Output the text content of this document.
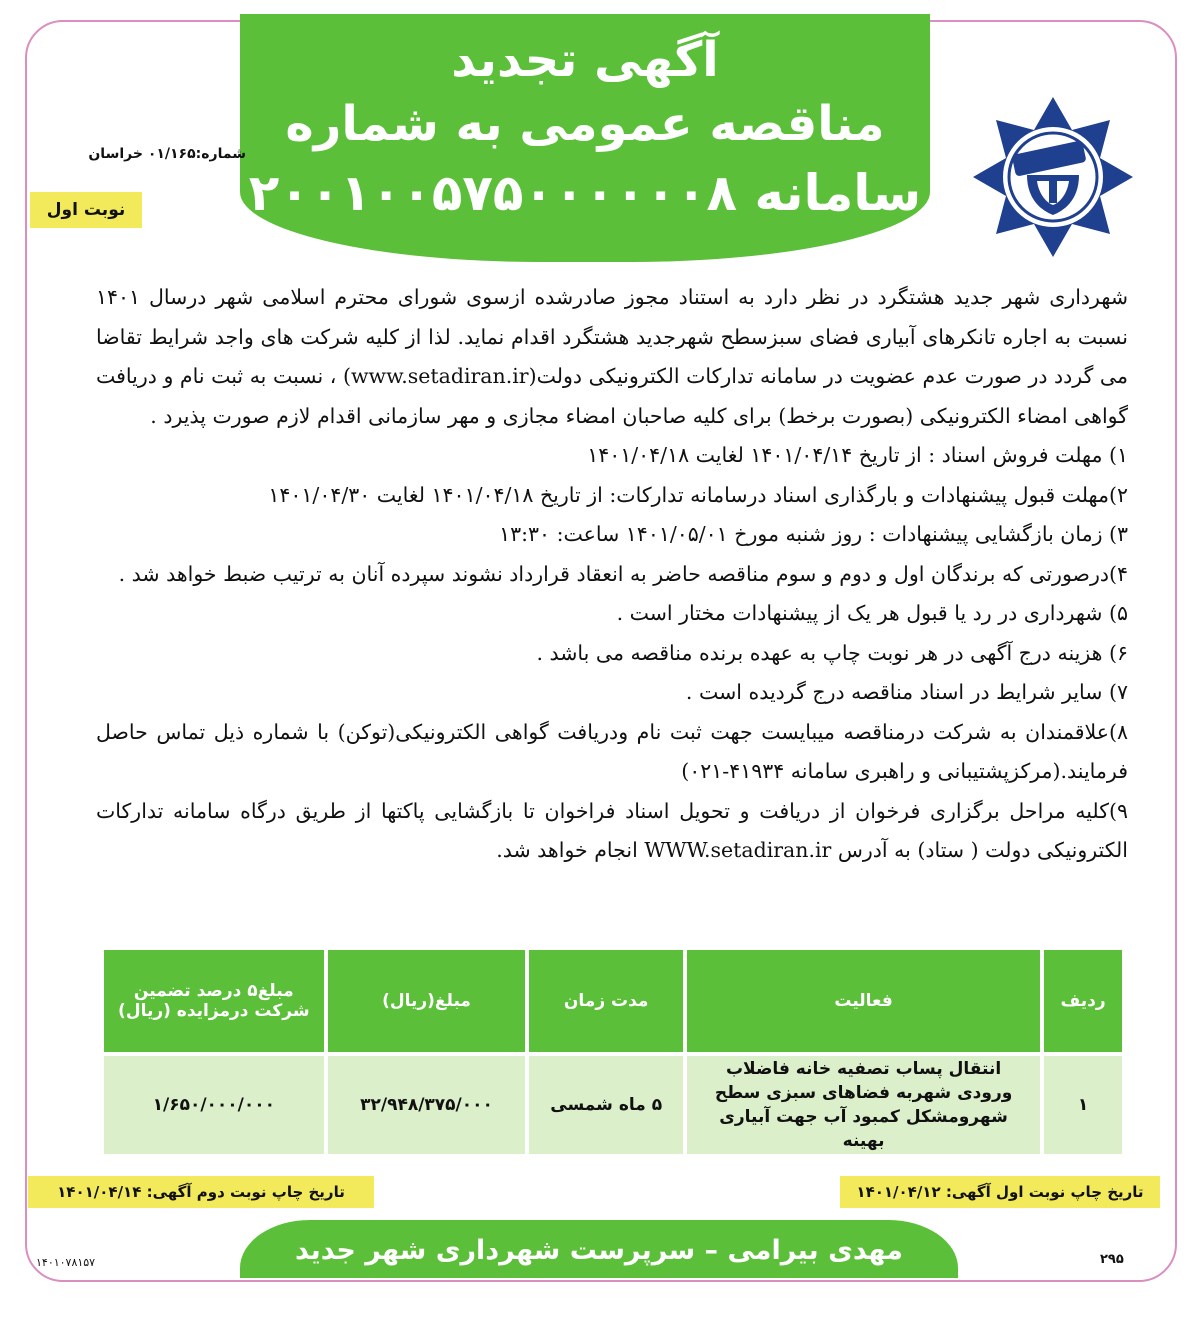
آگهی تجدید
مناقصه عمومی به شماره
سامانه ۲۰۰۱۰۰۵۷۵۰۰۰۰۰۰۸
شماره:۰۱/۱۶۵ خراسان
نوبت اول

شهرداری شهر جدید هشتگرد در نظر دارد به استناد مجوز صادرشده ازسوی شورای محترم اسلامی شهر درسال ۱۴۰۱ نسبت به اجاره تانکرهای آبیاری فضای سبزسطح شهرجدید هشتگرد اقدام نماید. لذا از کلیه شرکت های واجد شرایط تقاضا می گردد در صورت عدم عضویت در سامانه تدارکات الکترونیکی دولت(www.setadiran.ir) ، نسبت به ثبت نام و دریافت گواهی امضاء الکترونیکی (بصورت برخط) برای کلیه صاحبان امضاء مجازی و مهر سازمانی اقدام لازم صورت پذیرد .

۱) مهلت فروش اسناد : از تاریخ ۱۴۰۱/۰۴/۱۴ لغایت ۱۴۰۱/۰۴/۱۸

۲)مهلت قبول پیشنهادات و بارگذاری اسناد درسامانه تدارکات: از تاریخ ۱۴۰۱/۰۴/۱۸ لغایت ۱۴۰۱/۰۴/۳۰

۳) زمان بازگشایی پیشنهادات : روز شنبه مورخ ۱۴۰۱/۰۵/۰۱ ساعت: ۱۳:۳۰

۴)درصورتی که برندگان اول و دوم و سوم مناقصه حاضر به انعقاد قرارداد نشوند سپرده آنان به ترتیب ضبط خواهد شد .

۵) شهرداری در رد یا قبول هر یک از پیشنهادات مختار است .

۶) هزینه درج آگهی در هر نوبت چاپ به عهده برنده مناقصه می باشد .

۷) سایر شرایط در اسناد مناقصه درج گردیده است .

۸)علاقمندان به شرکت درمناقصه میبایست جهت ثبت نام ودریافت گواهی الکترونیکی(توکن) با شماره ذیل تماس حاصل فرمایند.(مرکزپشتیبانی و راهبری سامانه ۴۱۹۳۴-۰۲۱)

۹)کلیه مراحل برگزاری فرخوان از دریافت و تحویل اسناد فراخوان تا بازگشایی پاکتها از طریق درگاه سامانه تدارکات الکترونیکی دولت ( ستاد) به آدرس WWW.setadiran.ir انجام خواهد شد.

ردیف	فعالیت	مدت زمان	مبلغ(ریال)	مبلغ۵ درصد تضمین شرکت درمزایده (ریال)
۱	انتقال پساب تصفیه خانه فاضلاب ورودی شهربه فضاهای سبزی سطح شهرومشکل کمبود آب جهت آبیاری بهینه	۵ ماه شمسی	۳۲/۹۴۸/۳۷۵/۰۰۰	۱/۶۵۰/۰۰۰/۰۰۰
تاریخ چاپ نوبت اول آگهی: ۱۴۰۱/۰۴/۱۲
تاریخ چاپ نوبت دوم آگهی: ۱۴۰۱/۰۴/۱۴
مهدی بیرامی – سرپرست شهرداری شهر جدید هشتگرد
۲۹۵
۱۴۰۱۰۷۸۱۵۷
